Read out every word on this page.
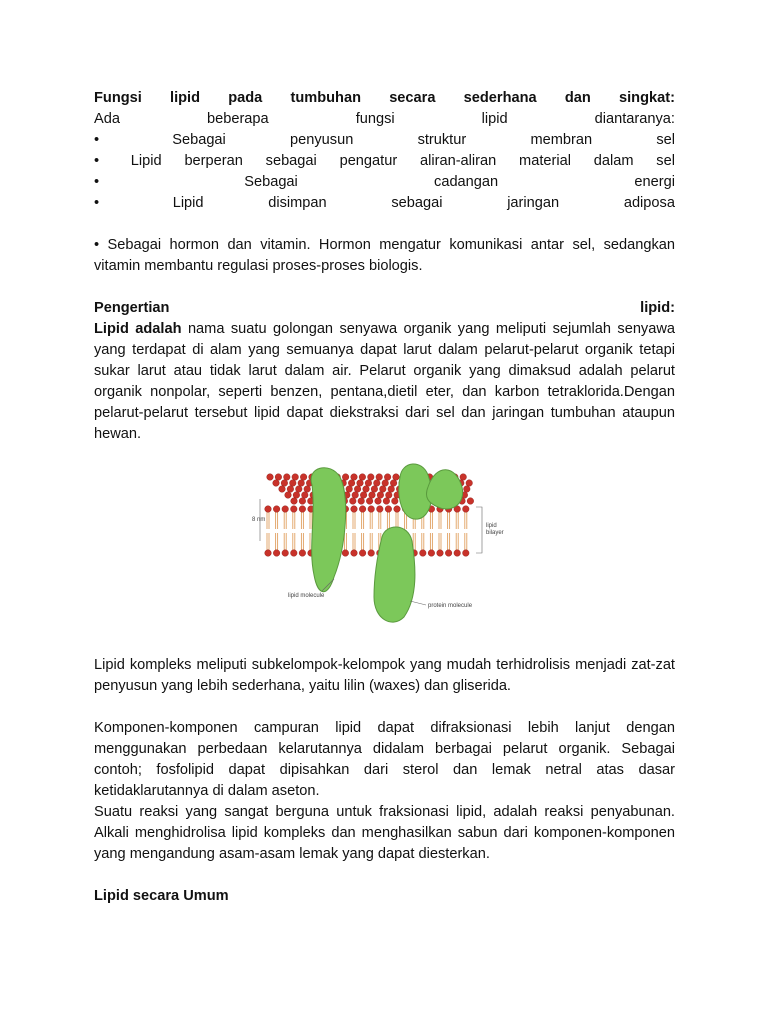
Fungsi lipid pada tumbuhan secara sederhana dan singkat:
Ada	beberapa	fungsi	lipid	diantaranya:
•	Sebagai	penyusun	struktur	membran	sel
•	Lipid berperan sebagai pengatur aliran-aliran material dalam sel
•	Sebagai	cadangan	energi
•	Lipid	disimpan	sebagai	jaringan	adiposa
• Sebagai hormon dan vitamin. Hormon mengatur komunikasi antar sel, sedangkan vitamin membantu regulasi proses-proses biologis.
Pengertian	lipid:
Lipid adalah nama suatu golongan senyawa organik yang meliputi sejumlah senyawa yang terdapat di alam yang semuanya dapat larut dalam pelarut-pelarut organik tetapi sukar larut atau tidak larut dalam air. Pelarut organik yang dimaksud adalah pelarut organik nonpolar, seperti benzen, pentana,dietil eter, dan karbon tetraklorida.Dengan pelarut-pelarut tersebut lipid dapat diekstraksi dari sel dan jaringan tumbuhan ataupun hewan.
Lipid kompleks meliputi subkelompok-kelompok yang mudah terhidrolisis menjadi zat-zat penyusun yang lebih sederhana, yaitu lilin (waxes) dan gliserida.
Komponen-komponen campuran lipid dapat difraksionasi lebih lanjut dengan menggunakan perbedaan kelarutannya didalam berbagai pelarut organik. Sebagai contoh; fosfolipid dapat dipisahkan dari sterol dan lemak netral atas dasar ketidaklarutannya di dalam aseton.
Suatu reaksi yang sangat berguna untuk fraksionasi lipid, adalah reaksi penyabunan. Alkali menghidrolisa lipid kompleks dan menghasilkan sabun dari komponen-komponen yang mengandung asam-asam lemak yang dapat diesterkan.
Lipid secara Umum
8 nm
lipid
bilayer
lipid molecule
protein molecule
